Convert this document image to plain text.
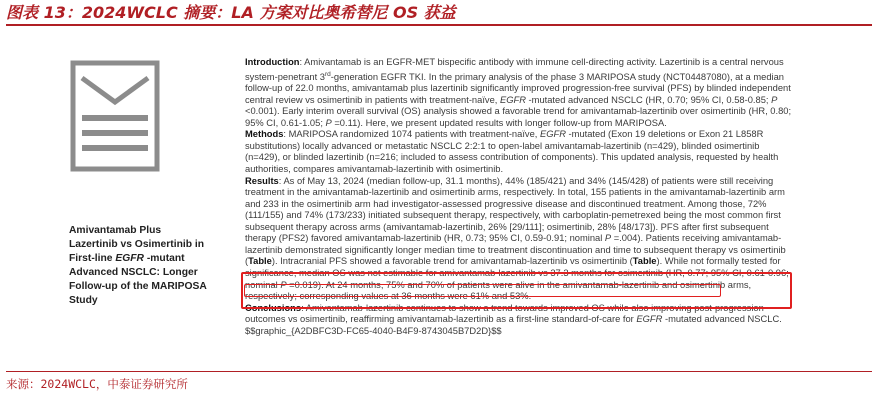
图表 13：2024WCLC 摘要：LA 方案对比奥希替尼 OS 获益
Amivantamab Plus Lazertinib vs Osimertinib in First-line EGFR -mutant Advanced NSCLC: Longer Follow-up of the MARIPOSA Study

Introduction: Amivantamab is an EGFR-MET bispecific antibody with immune cell-directing activity. Lazertinib is a central nervous system-penetrant 3rd-generation EGFR TKI. In the primary analysis of the phase 3 MARIPOSA study (NCT04487080), at a median follow-up of 22.0 months, amivantamab plus lazertinib significantly improved progression-free survival (PFS) by blinded independent central review vs osimertinib in patients with treatment-naïve, EGFR -mutated advanced NSCLC (HR, 0.70; 95% CI, 0.58-0.85; P <0.001). Early interim overall survival (OS) analysis showed a favorable trend for amivantamab-lazertinib over osimertinib (HR, 0.80; 95% CI, 0.61-1.05; P =0.11). Here, we present updated results with longer follow-up from MARIPOSA.

Methods: MARIPOSA randomized 1074 patients with treatment-naïve, EGFR -mutated (Exon 19 deletions or Exon 21 L858R substitutions) locally advanced or metastatic NSCLC 2:2:1 to open-label amivantamab-lazertinib (n=429), blinded osimertinib (n=429), or blinded lazertinib (n=216; included to assess contribution of components). This updated analysis, requested by health authorities, compares amivantamab-lazertinib with osimertinib.

Results: As of May 13, 2024 (median follow-up, 31.1 months), 44% (185/421) and 34% (145/428) of patients were still receiving treatment in the amivantamab-lazertinib and osimertinib arms, respectively. In total, 155 patients in the amivantamab-lazertinib arm and 233 in the osimertinib arm had investigator-assessed progressive disease and discontinued treatment. Among those, 72% (111/155) and 74% (173/233) initiated subsequent therapy, respectively, with carboplatin-pemetrexed being the most common first subsequent therapy across arms (amivantamab-lazertinib, 26% [29/111]; osimertinib, 28% [48/173]). PFS after first subsequent therapy (PFS2) favored amivantamab-lazertinib (HR, 0.73; 95% CI, 0.59-0.91; nominal P =.004). Patients receiving amivantamab-lazertinib demonstrated significantly longer median time to treatment discontinuation and time to subsequent therapy vs osimertinib (Table). Intracranial PFS showed a favorable trend for amivantamab-lazertinib vs osimertinib (Table). While not formally tested for significance, median OS was not estimable for amivantamab-lazertinib vs 37.3 months for osimertinib (HR, 0.77; 95% CI, 0.61-0.96; nominal P =0.019). At 24 months, 75% and 70% of patients were alive in the amivantamab-lazertinib and osimertinib arms, respectively; corresponding values at 36 months were 61% and 53%.

Conclusions: Amivantamab-lazertinib continues to show a trend towards improved OS while also improving post-progression outcomes vs osimertinib, reaffirming amivantamab-lazertinib as a first-line standard-of-care for EGFR -mutated advanced NSCLC.
$$graphic_{A2DBFC3D-FC65-4040-B4F9-8743045B7D2D}$$

来源：2024WCLC，中泰证券研究所
